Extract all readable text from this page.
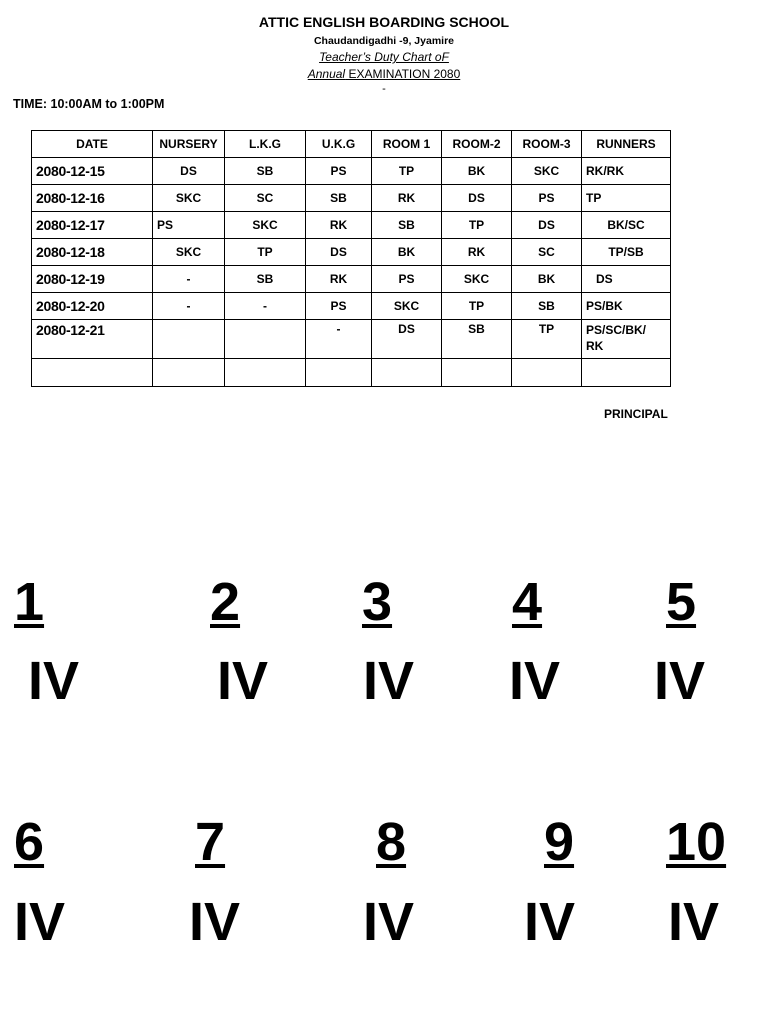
ATTIC ENGLISH BOARDING SCHOOL
Chaudandigadhi -9, Jyamire
Teacher’s Duty Chart oF
Annual EXAMINATION 2080
-
TIME: 10:00AM to 1:00PM
DATE	NURSERY	L.K.G	U.K.G	ROOM 1	ROOM-2	ROOM-3	RUNNERS
2080-12-15	DS	SB	PS	TP	BK	SKC	RK/RK
2080-12-16	SKC	SC	SB	RK	DS	PS	TP
2080-12-17	PS	SKC	RK	SB	TP	DS	BK/SC
2080-12-18	SKC	TP	DS	BK	RK	SC	TP/SB
2080-12-19	-	SB	RK	PS	SKC	BK	DS
2080-12-20	-	-	PS	SKC	TP	SB	PS/BK
2080-12-21			-	DS	SB	TP	PS/SC/BK/ RK

PRINCIPAL
1
IV
2
IV
3
IV
4
IV
5
IV
6
IV
7
IV
8
IV
9
IV
10
IV
